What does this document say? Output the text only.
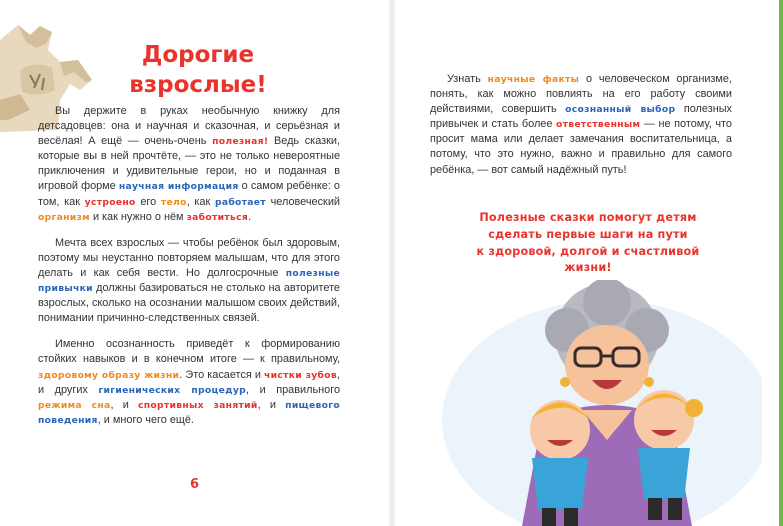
Дорогие
взрослые!

Вы держите в руках необычную книжку для детсадовцев: она и научная и сказочная, и серьёзная и весёлая! А ещё — очень-очень полезная! Ведь сказки, которые вы в ней прочтёте, — это не только невероятные приключения и удивительные герои, но и поданная в игровой форме научная информация о самом ребёнке: о том, как устроено его тело, как работает человеческий организм и как нужно о нём заботиться.

Мечта всех взрослых — чтобы ребёнок был здоровым, поэтому мы неустанно повторяем малышам, что для этого делать и как себя вести. Но долгосрочные полезные привычки должны базироваться не столько на авторитете взрослых, сколько на осознании малышом своих действий, понимании причинно-следственных связей.

Именно осознанность приведёт к формированию стойких навыков и в конечном итоге — к правильному, здоровому образу жизни. Это касается и чистки зубов, и других гигиенических процедур, и правильного режима сна, и спортивных занятий, и пищевого поведения, и много чего ещё.

6

Узнать научные факты о человеческом организме, понять, как можно повлиять на его работу своими действиями, совершить осознанный выбор полезных привычек и стать более ответственным — не потому, что просит мама или делает замечания воспитательница, а потому, что это нужно, важно и правильно для самого ребёнка, — вот самый надёжный путь!

Полезные сказки помогут детям
сделать первые шаги на пути
к здоровой, долгой и счастливой
жизни!
